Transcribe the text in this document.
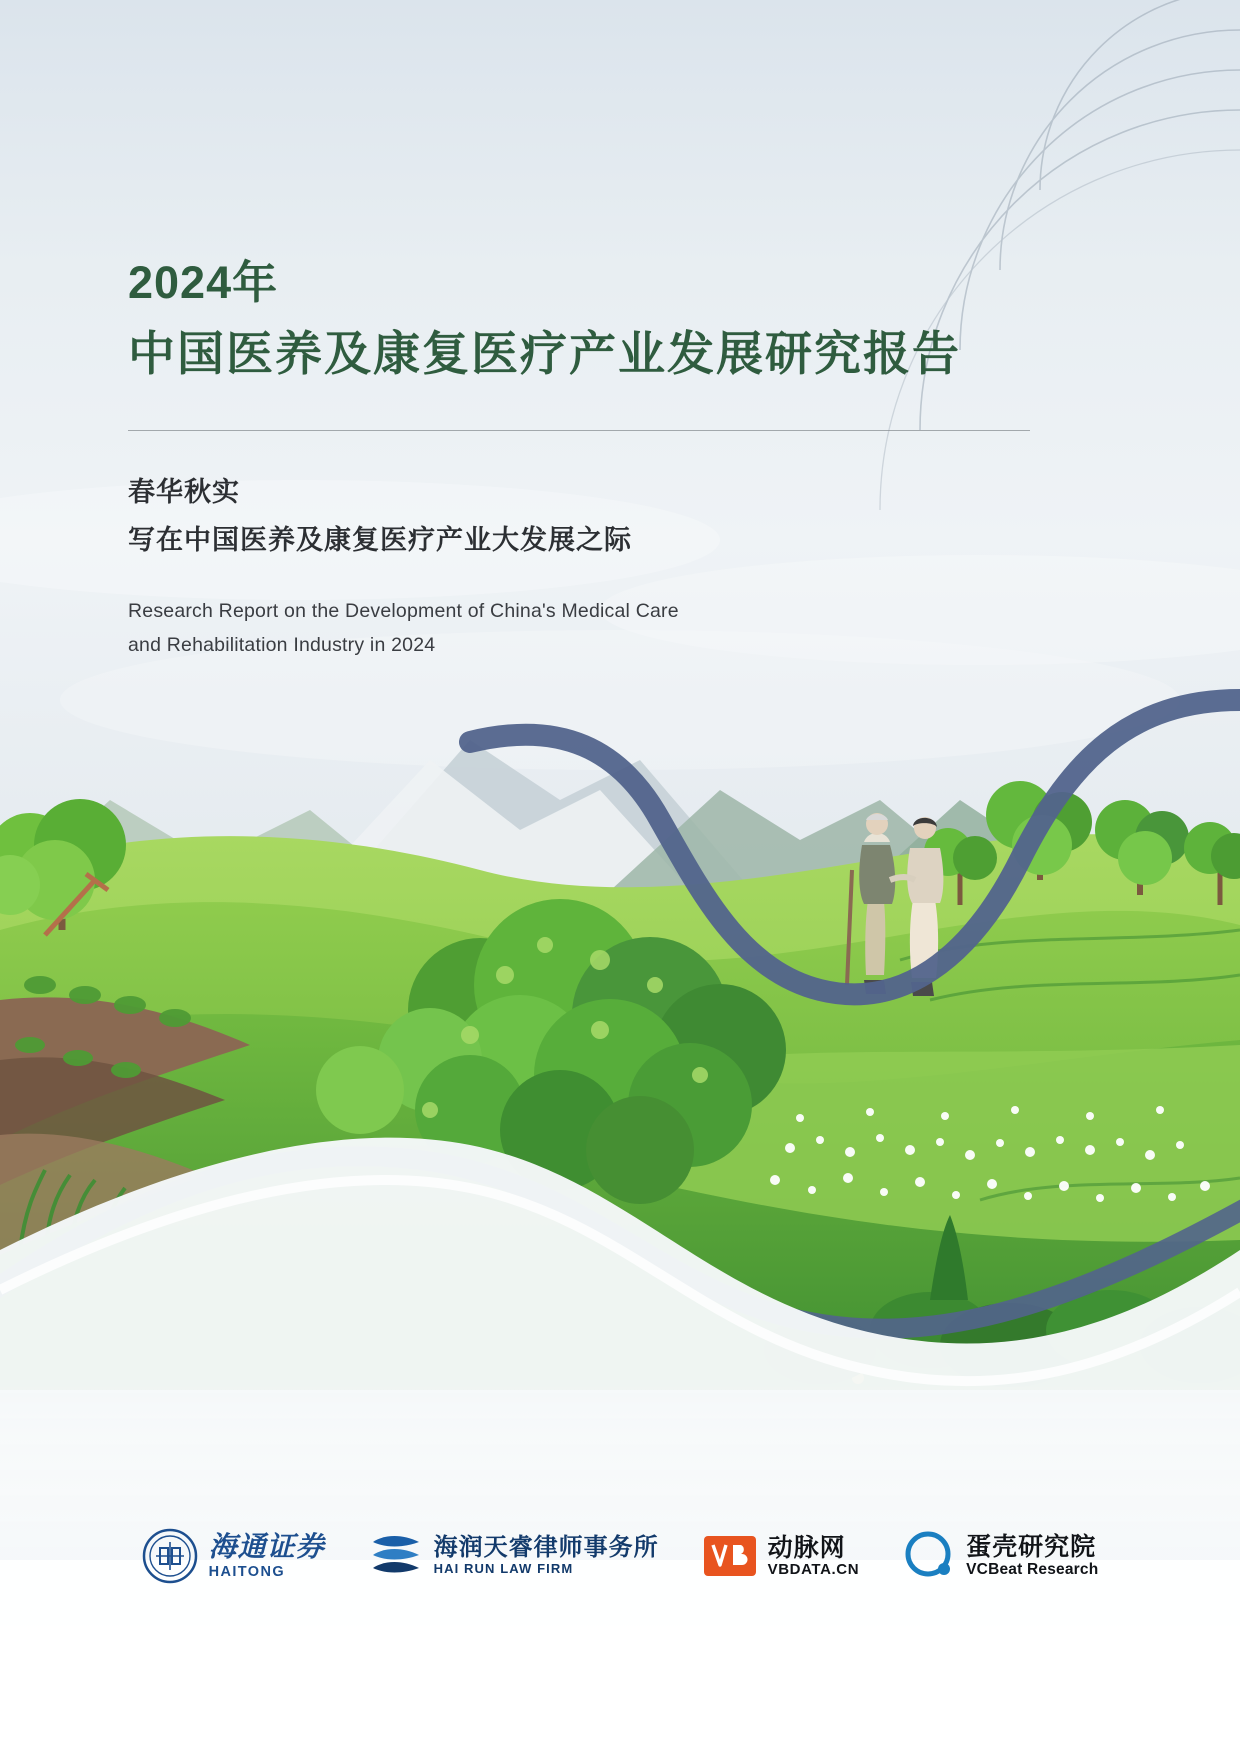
2024年
中国医养及康复医疗产业发展研究报告
春华秋实
写在中国医养及康复医疗产业大发展之际
Research Report on the Development of China's Medical Care
and Rehabilitation Industry in 2024
海通证券
HAITONG
海润天睿律师事务所
HAI RUN LAW FIRM
动脉网
VBDATA.CN
蛋壳研究院
VCBeat Research
